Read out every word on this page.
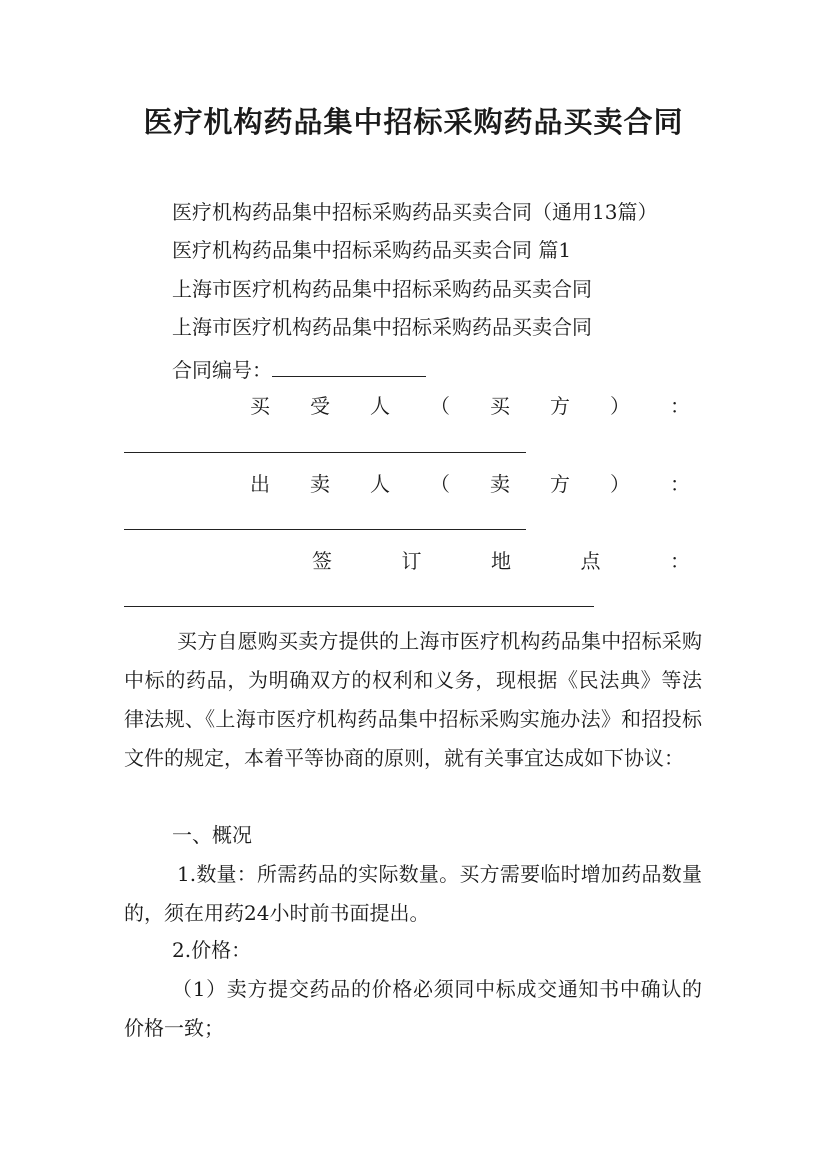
医疗机构药品集中招标采购药品买卖合同

医疗机构药品集中招标采购药品买卖合同（通用13篇）

医疗机构药品集中招标采购药品买卖合同 篇1

上海市医疗机构药品集中招标采购药品买卖合同

上海市医疗机构药品集中招标采购药品买卖合同

合同编号：

买 受 人 （ 买 方 ） ：
出 卖 人 （ 卖 方 ） ：
签	订	地	点	：

买方自愿购买卖方提供的上海市医疗机构药品集中招标采购中标的药品，为明确双方的权利和义务，现根据《民法典》等法律法规、《上海市医疗机构药品集中招标采购实施办法》和招投标文件的规定，本着平等协商的原则，就有关事宜达成如下协议：

一、概况

1.数量：所需药品的实际数量。买方需要临时增加药品数量的，须在用药24小时前书面提出。

2.价格：

（1）卖方提交药品的价格必须同中标成交通知书中确认的价格一致；
